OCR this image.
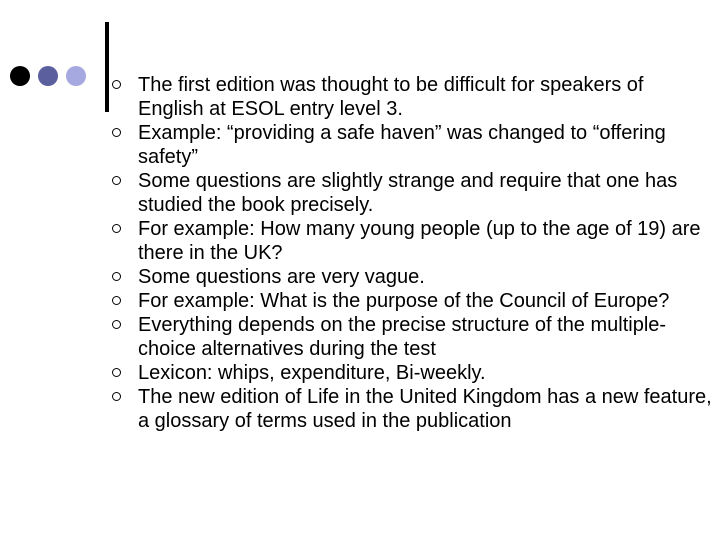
The first edition was thought to be difficult for speakers of English at ESOL entry level 3.
Example: “providing a safe haven” was changed to “offering safety”
Some questions are slightly strange and require that one has studied the book precisely.
For example: How many young people (up to the age of 19) are there in the UK?
Some questions are very vague.
For example: What is the purpose of the Council of Europe?
Everything depends on the precise structure of the multiple-choice alternatives during the test
Lexicon: whips, expenditure, Bi-weekly.
The new edition of Life in the United Kingdom has a new feature, a glossary of terms used in the publication
